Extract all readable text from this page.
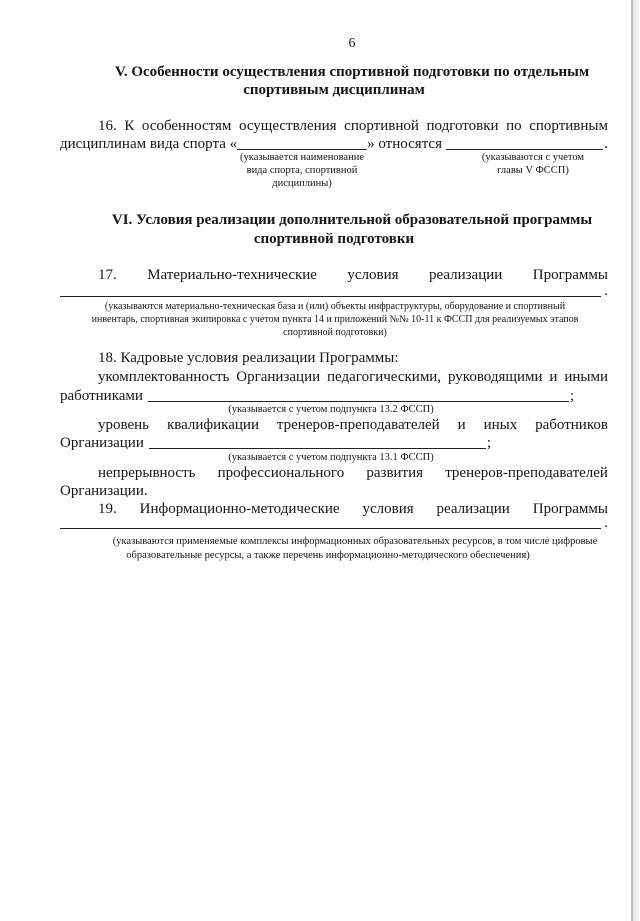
6
V. Особенности осуществления спортивной подготовки по отдельным
спортивным дисциплинам
16. К особенностям осуществления спортивной подготовки по спортивным
дисциплинам вида спорта «	» относятся	.
(указывается наименование
вида спорта, спортивной
дисциплины)
(указываются с учетом
главы V ФССП)
VI. Условия реализации дополнительной образовательной программы
спортивной подготовки
17. Материально-технические условия реализации Программы
.
(указываются материально-техническая база и (или) объекты инфраструктуры, оборудование и спортивный
инвентарь, спортивная экипировка с учетом пункта 14 и приложений №№ 10-11 к ФССП для реализуемых этапов
спортивной подготовки)
18. Кадровые условия реализации Программы:
укомплектованность Организации педагогическими, руководящими и иными
работниками	;
(указывается с учетом подпункта 13.2 ФССП)
уровень квалификации тренеров-преподавателей и иных работников
Организации	;
(указывается с учетом подпункта 13.1 ФССП)
непрерывность профессионального развития тренеров-преподавателей
Организации.
19. Информационно-методические условия реализации Программы
.
(указываются применяемые комплексы информационных образовательных ресурсов, в том числе цифровые
образовательные ресурсы, а также перечень информационно-методического обеспечения)
